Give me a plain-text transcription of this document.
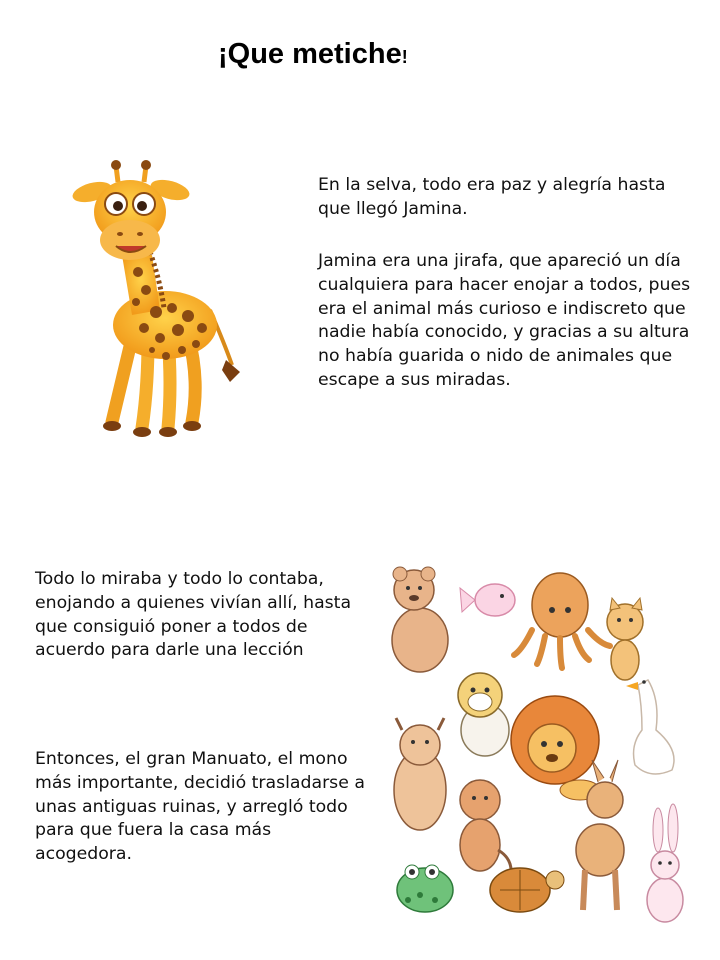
¡Que metiche!

En la selva, todo era paz y alegría hasta que llegó Jamina.

Jamina era una jirafa, que apareció un día cualquiera para hacer enojar a todos, pues era el animal más curioso e indiscreto que nadie había conocido, y gracias a su altura no había guarida o nido de animales que escape a sus miradas.

Todo lo miraba y todo lo contaba, enojando a quienes vivían allí, hasta que consiguió poner a todos de acuerdo para darle una lección

Entonces, el gran Manuato, el mono más importante, decidió trasladarse a unas antiguas ruinas, y arregló todo para que fuera la casa más acogedora.
